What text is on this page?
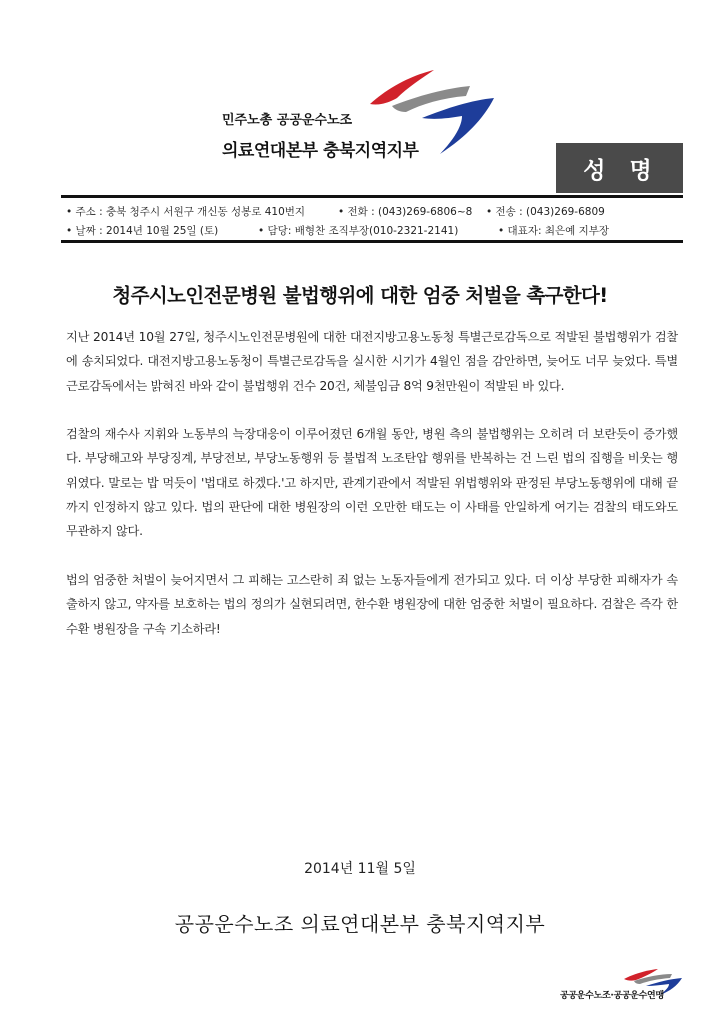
민주노총 공공운수노조
의료연대본부 충북지역지부
성명
• 주소 : 충북 청주시 서원구 개신동 성봉로 410번지	• 전화 : (043)269-6806~8 • 전송 : (043)269-6809
• 날짜 : 2014년 10월 25일 (토)	• 담당: 배형찬 조직부장(010-2321-2141)	• 대표자: 최은예 지부장
청주시노인전문병원 불법행위에 대한 엄중 처벌을 촉구한다!

지난 2014년 10월 27일, 청주시노인전문병원에 대한 대전지방고용노동청 특별근로감독으로 적발된 불법행위가 검찰에 송치되었다. 대전지방고용노동청이 특별근로감독을 실시한 시기가 4월인 점을 감안하면, 늦어도 너무 늦었다. 특별근로감독에서는 밝혀진 바와 같이 불법행위 건수 20건, 체불임금 8억 9천만원이 적발된 바 있다.

검찰의 재수사 지휘와 노동부의 늑장대응이 이루어졌던 6개월 동안, 병원 측의 불법행위는 오히려 더 보란듯이 증가했다. 부당해고와 부당징계, 부당전보, 부당노동행위 등 불법적 노조탄압 행위를 반복하는 건 느린 법의 집행을 비웃는 행위였다. 말로는 밥 먹듯이 '법대로 하겠다.'고 하지만, 관계기관에서 적발된 위법행위와 판정된 부당노동행위에 대해 끝까지 인정하지 않고 있다. 법의 판단에 대한 병원장의 이런 오만한 태도는 이 사태를 안일하게 여기는 검찰의 태도와도 무관하지 않다.

법의 엄중한 처벌이 늦어지면서 그 피해는 고스란히 죄 없는 노동자들에게 전가되고 있다. 더 이상 부당한 피해자가 속출하지 않고, 약자를 보호하는 법의 정의가 실현되려면, 한수환 병원장에 대한 엄중한 처벌이 필요하다. 검찰은 즉각 한수환 병원장을 구속 기소하라!

2014년 11월 5일
공공운수노조 의료연대본부 충북지역지부
공공운수노조·공공운수연맹
